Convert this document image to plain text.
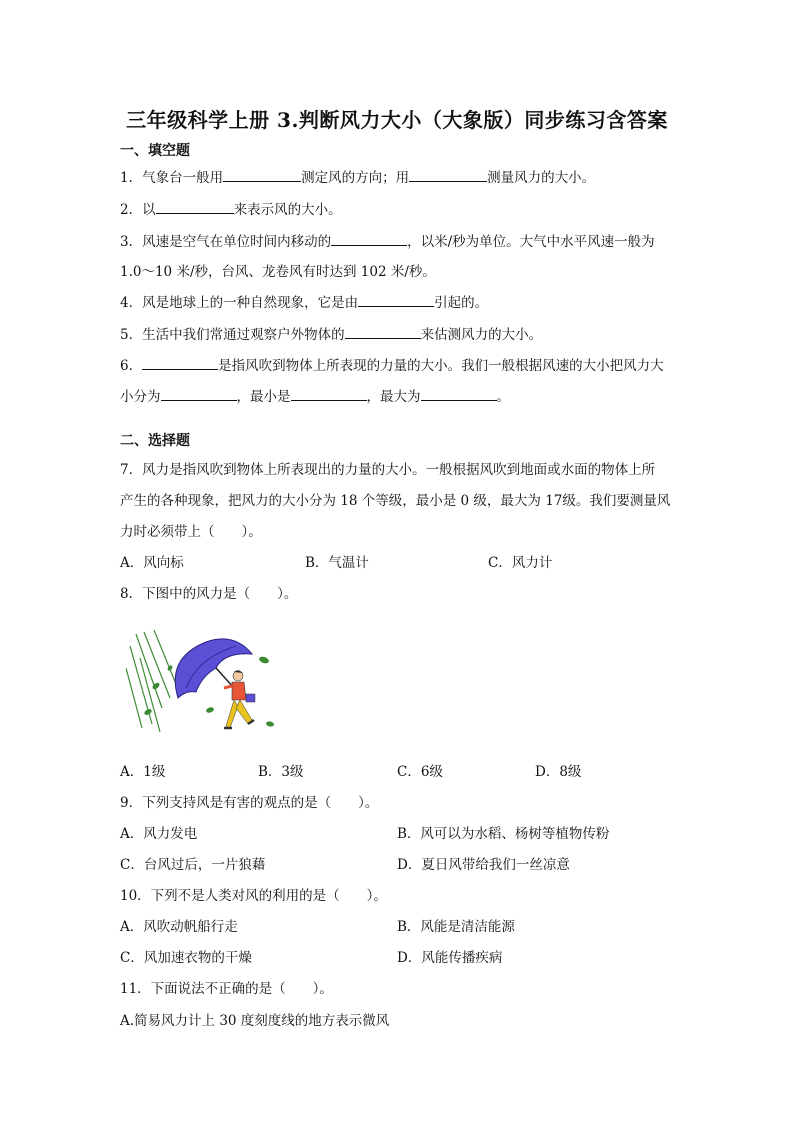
三年级科学上册 3.判断风力大小（大象版）同步练习含答案
一、填空题
1．气象台一般用	测定风的方向；用	测量风力的大小。
2．以	来表示风的大小。
3．风速是空气在单位时间内移动的	，以米/秒为单位。大气中水平风速一般为
1.0～10 米/秒，台风、龙卷风有时达到 102 米/秒。
4．风是地球上的一种自然现象，它是由	引起的。
5．生活中我们常通过观察户外物体的	来估测风力的大小。
6．	是指风吹到物体上所表现的力量的大小。我们一般根据风速的大小把风力大
小分为	，最小是	，最大为	。
二、选择题
7．风力是指风吹到物体上所表现出的力量的大小。一般根据风吹到地面或水面的物体上所
产生的各种现象，把风力的大小分为 18 个等级，最小是 0 级，最大为 17级。我们要测量风
力时必须带上（　　）。
A．风向标	B．气温计	C．风力计
8．下图中的风力是（　　）。
A．1级	B．3级	C．6级	D．8级
9．下列支持风是有害的观点的是（　　）。
A．风力发电	B．风可以为水稻、杨树等植物传粉
C．台风过后，一片狼藉	D．夏日风带给我们一丝凉意
10．下列不是人类对风的利用的是（　　）。
A．风吹动帆船行走	B．风能是清洁能源
C．风加速衣物的干燥	D．风能传播疾病
11．下面说法不正确的是（　　）。
A.简易风力计上 30 度刻度线的地方表示微风
